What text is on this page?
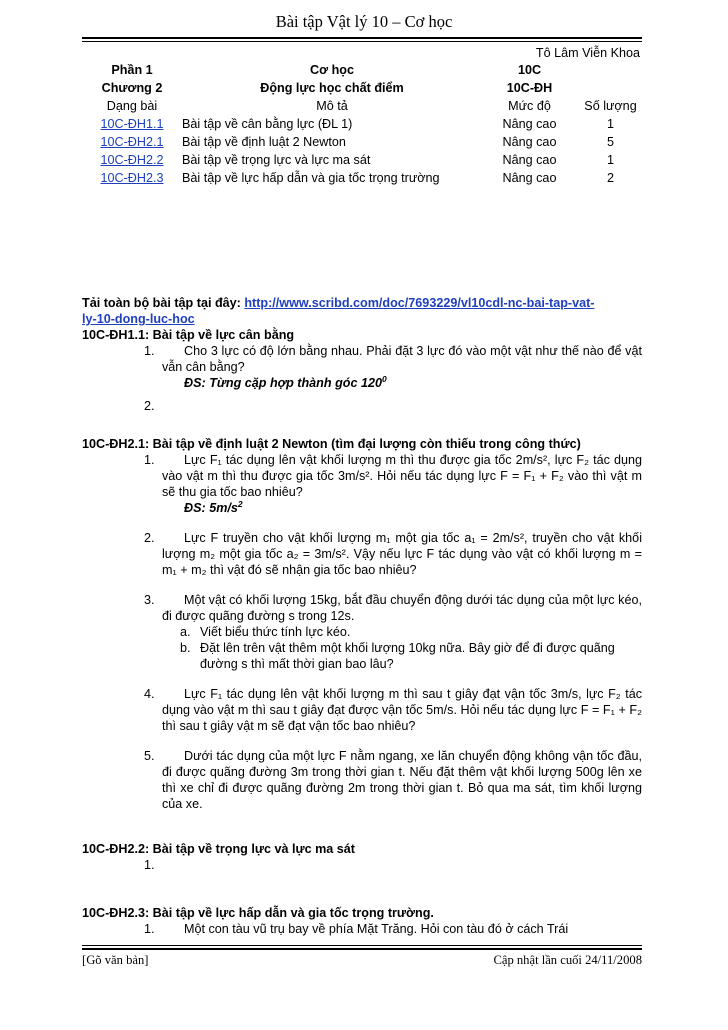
Bài tập Vật lý 10 – Cơ học
Tô Lâm Viễn Khoa
Phần 1	Cơ học	10C	
Chương 2	Động lực học chất điểm	10C-ĐH	
Dạng bài	Mô tả	Mức độ	Số lượng
10C-ĐH1.1	Bài tập về cân bằng lực (ĐL 1)	Nâng cao	1
10C-ĐH2.1	Bài tập về định luật 2 Newton	Nâng cao	5
10C-ĐH2.2	Bài tập về trọng lực và lực ma sát	Nâng cao	1
10C-ĐH2.3	Bài tập về lực hấp dẫn và gia tốc trọng trường	Nâng cao	2
Tải toàn bộ bài tập tại đây: http://www.scribd.com/doc/7693229/vl10cdl-nc-bai-tap-vat-
ly-10-dong-luc-hoc
10C-ĐH1.1: Bài tập về lực cân bằng
1.	Cho 3 lực có độ lớn bằng nhau. Phải đặt 3 lực đó vào một vật như thế nào để vật vẫn cân bằng?

ĐS: Từng cặp hợp thành góc $120^0$

2.
10C-ĐH2.1: Bài tập về định luật 2 Newton (tìm đại lượng còn thiếu trong công thức)
1.	Lực F₁ tác dụng lên vật khối lượng m thì thu được gia tốc 2m/s², lực F₂ tác dụng vào vật m thì thu được gia tốc 3m/s². Hỏi nếu tác dụng lực F = F₁ + F₂ vào thì vật m sẽ thu gia tốc bao nhiêu?

ĐS: $5m/s^2$

2.	Lực F truyền cho vật khối lượng m₁ một gia tốc a₁ = 2m/s², truyền cho vật khối lượng m₂ một gia tốc a₂ = 3m/s². Vậy nếu lực F tác dụng vào vật có khối lượng m = m₁ + m₂ thì vật đó sẽ nhận gia tốc bao nhiêu?

3.	Một vật có khối lượng 15kg, bắt đầu chuyển động dưới tác dụng của một lực kéo, đi được quãng đường s trong 12s.

a. Viết biểu thức tính lực kéo.
b. Đặt lên trên vật thêm một khối lượng 10kg nữa. Bây giờ để đi được quãng đường s thì mất thời gian bao lâu?
4.	Lực F₁ tác dụng lên vật khối lượng m thì sau t giây đạt vận tốc 3m/s, lực F₂ tác dụng vào vật m thì sau t giây đạt được vận tốc 5m/s. Hỏi nếu tác dụng lực F = F₁ + F₂ thì sau t giây vật m sẽ đạt vận tốc bao nhiêu?

5.	Dưới tác dụng của một lực F nằm ngang, xe lăn chuyển động không vận tốc đầu, đi được quãng đường 3m trong thời gian t. Nếu đặt thêm vật khối lượng 500g lên xe thì xe chỉ đi được quãng đường 2m trong thời gian t. Bỏ qua ma sát, tìm khối lượng của xe.

10C-ĐH2.2: Bài tập về trọng lực và lực ma sát
1.
10C-ĐH2.3: Bài tập về lực hấp dẫn và gia tốc trọng trường.
1.	Một con tàu vũ trụ bay về phía Mặt Trăng. Hỏi con tàu đó ở cách Trái

[Gõ văn bản]	Cập nhật lần cuối 24/11/2008
